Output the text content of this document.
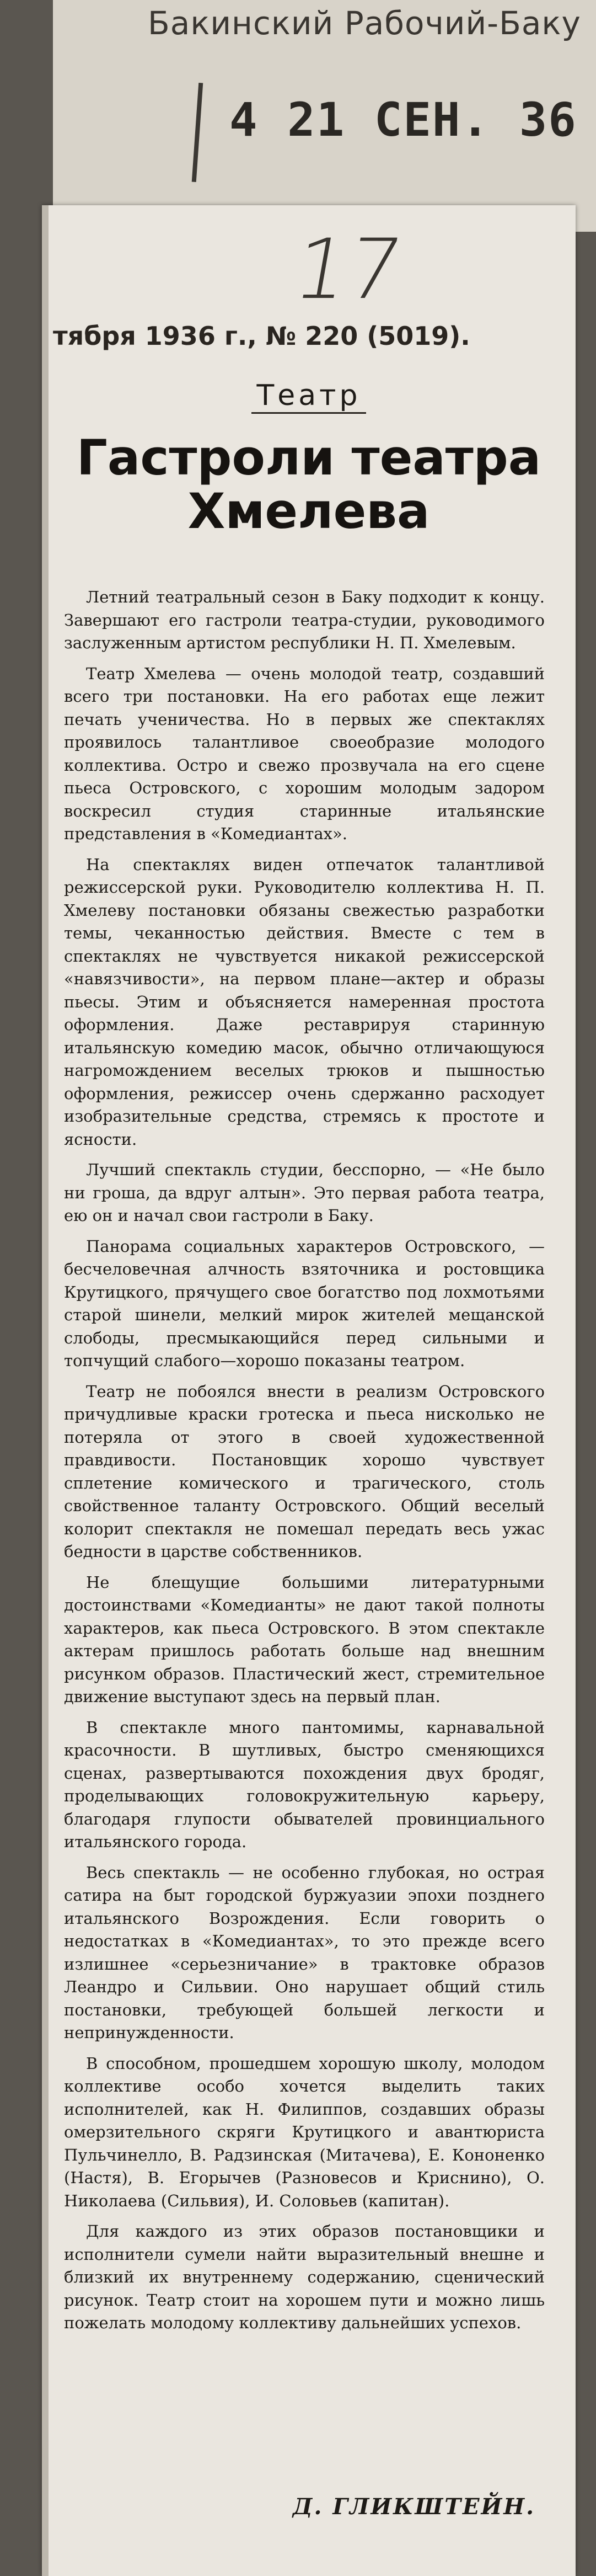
Бакинский Рабочий-Баку
4 21 СЕН. 36
17
тября 1936 г., № 220 (5019).
Театр
Гастроли театра Хмелева

Летний театральный сезон в Баку подходит к концу. Завершают его гастроли театра-студии, руководимого заслуженным артистом республики Н. П. Хмелевым.

Театр Хмелева — очень молодой театр, создавший всего три постановки. На его работах еще лежит печать ученичества. Но в первых же спектаклях проявилось талантливое своеобразие молодого коллектива. Остро и свежо прозвучала на его сцене пьеса Островского, с хорошим молодым задором воскресил студия старинные итальянские представления в «Комедиантах».

На спектаклях виден отпечаток талантливой режиссерской руки. Руководителю коллектива Н. П. Хмелеву постановки обязаны свежестью разработки темы, чеканностью действия. Вместе с тем в спектаклях не чувствуется никакой режиссерской «навязчивости», на первом плане—актер и образы пьесы. Этим и объясняется намеренная простота оформления. Даже реставрируя старинную итальянскую комедию масок, обычно отличающуюся нагромождением веселых трюков и пышностью оформления, режиссер очень сдержанно расходует изобразительные средства, стремясь к простоте и ясности.

Лучший спектакль студии, бесспорно, — «Не было ни гроша, да вдруг алтын». Это первая работа театра, ею он и начал свои гастроли в Баку.

Панорама социальных характеров Островского, — бесчеловечная алчность взяточника и ростовщика Крутицкого, прячущего свое богатство под лохмотьями старой шинели, мелкий мирок жителей мещанской слободы, пресмыкающийся перед сильными и топчущий слабого—хорошо показаны театром.

Театр не побоялся внести в реализм Островского причудливые краски гротеска и пьеса нисколько не потеряла от этого в своей художественной правдивости. Постановщик хорошо чувствует сплетение комического и трагического, столь свойственное таланту Островского. Общий веселый колорит спектакля не помешал передать весь ужас бедности в царстве собственников.

Не блещущие большими литературными достоинствами «Комедианты» не дают такой полноты характеров, как пьеса Островского. В этом спектакле актерам пришлось работать больше над внешним рисунком образов. Пластический жест, стремительное движение выступают здесь на первый план.

В спектакле много пантомимы, карнавальной красочности. В шутливых, быстро сменяющихся сценах, развертываются похождения двух бродяг, проделывающих головокружительную карьеру, благодаря глупости обывателей провинциального итальянского города.

Весь спектакль — не особенно глубокая, но острая сатира на быт городской буржуазии эпохи позднего итальянского Возрождения. Если говорить о недостатках в «Комедиантах», то это прежде всего излишнее «серьезничание» в трактовке образов Леандро и Сильвии. Оно нарушает общий стиль постановки, требующей большей легкости и непринужденности.

В способном, прошедшем хорошую школу, молодом коллективе особо хочется выделить таких исполнителей, как Н. Филиппов, создавших образы омерзительного скряги Крутицкого и авантюриста Пульчинелло, В. Радзинская (Митачева), Е. Кононенко (Настя), В. Егорычев (Разновесов и Криснино), О. Николаева (Сильвия), И. Соловьев (капитан).

Для каждого из этих образов постановщики и исполнители сумели найти выразительный внешне и близкий их внутреннему содержанию, сценический рисунок. Театр стоит на хорошем пути и можно лишь пожелать молодому коллективу дальнейших успехов.

Д. ГЛИКШТЕЙН.
